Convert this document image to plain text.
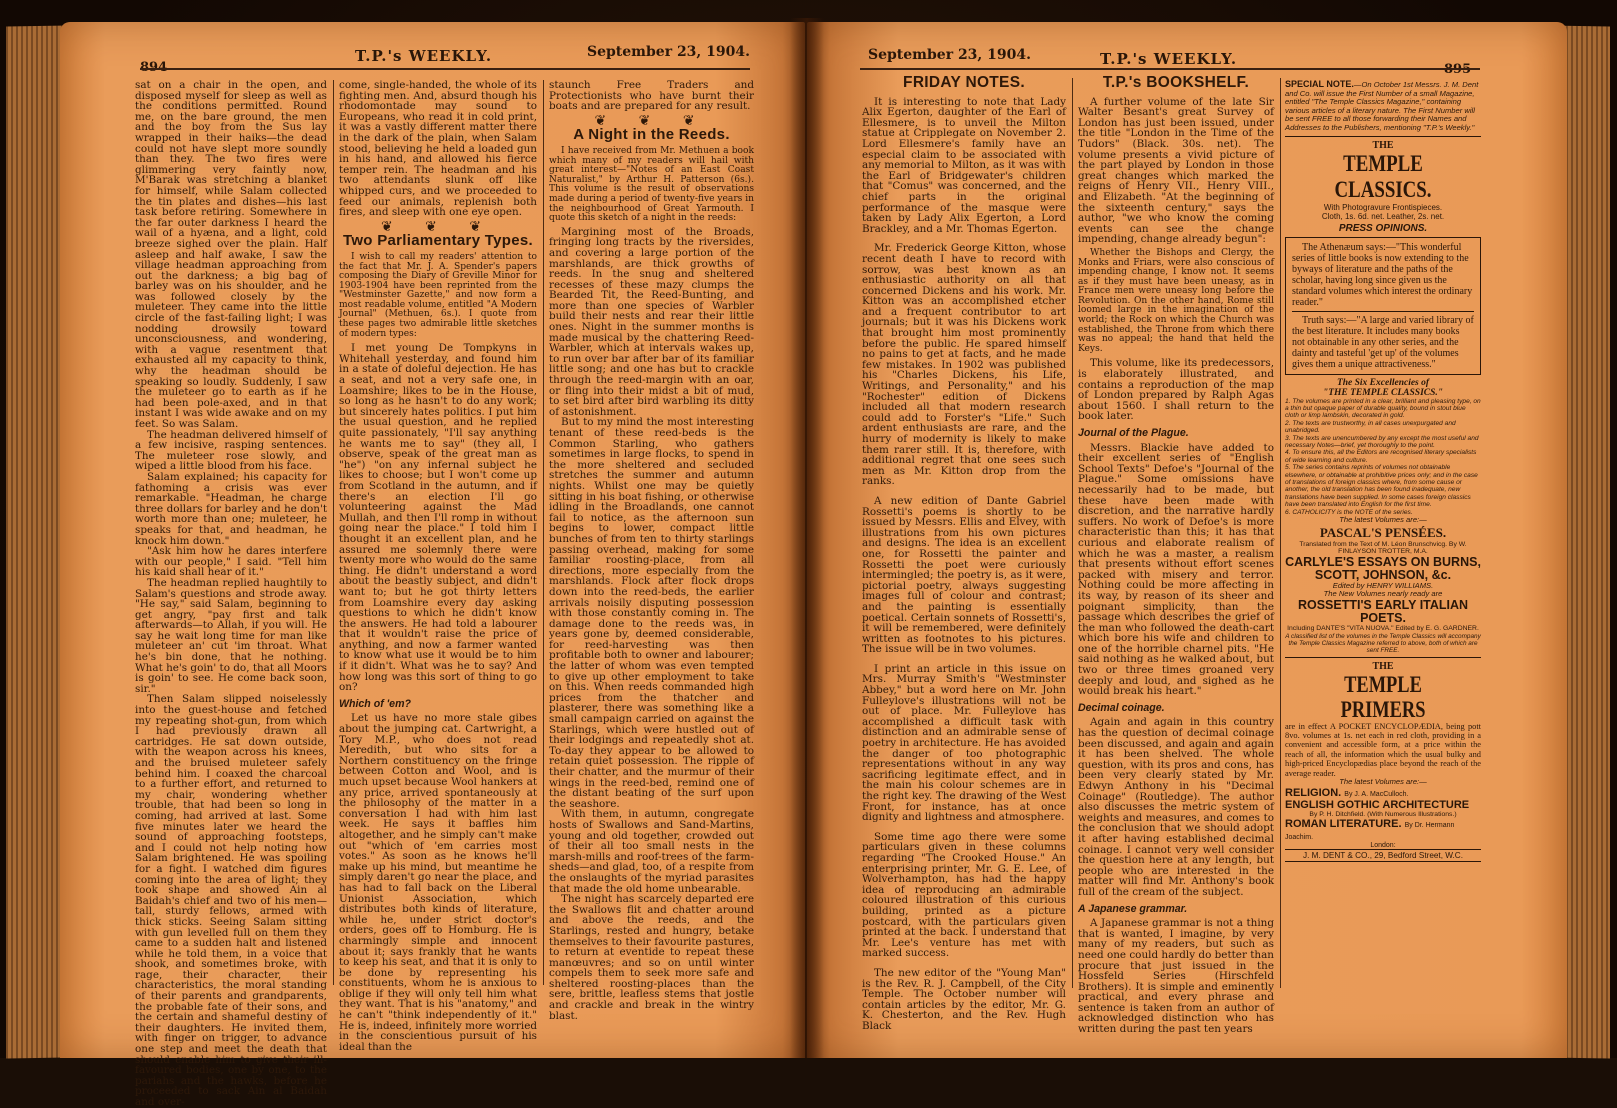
T.P.'s WEEKLY.	September 23, 1904.	September 23, 1904.	T.P.'s WEEKLY.

sat on a chair in the open, and disposed myself for sleep as well as the conditions permitted. Round me, on the bare ground, the men and the boy from the Sus lay wrapped in their haiks—the dead could not have slept more soundly than they. The two fires were glimmering very faintly now, M'Barak was stretching a blanket for himself, while Salam collected the tin plates and dishes—his last task before retiring. Somewhere in the far outer darkness I heard the wail of a hyæna, and a light, cold breeze sighed over the plain. Half asleep and half awake, I saw the village headman approaching from out the darkness; a big bag of barley was on his shoulder, and he was followed closely by the muleteer. They came into the little circle of the fast-failing light; I was nodding drowsily toward unconsciousness, and wondering, with a vague resentment that exhausted all my capacity to think, why the headman should be speaking so loudly. Suddenly, I saw the muleteer go to earth as if he had been pole-axed, and in that instant I was wide awake and on my feet. So was Salam.

The headman delivered himself of a few incisive, rasping sentences. The muleteer rose slowly, and wiped a little blood from his face.

Salam explained; his capacity for fathoming a crisis was ever remarkable. "Headman, he charge three dollars for barley and he don't worth more than one; muleteer, he speaks for that, and headman, he knock him down."

"Ask him how he dares interfere with our people," I said. "Tell him his kaid shall hear of it."

The headman replied haughtily to Salam's questions and strode away. "He say," said Salam, beginning to get angry, "pay first and talk afterwards—to Allah, if you will. He say he wait long time for man like muleteer an' cut 'im throat. What he's bin done, that he nothing. What he's goin' to do, that all Moors is goin' to see. He come back soon, sir."

Then Salam slipped noiselessly into the guest-house and fetched my repeating shot-gun, from which I had previously drawn all cartridges. He sat down outside, with the weapon across his knees, and the bruised muleteer safely behind him. I coaxed the charcoal to a further effort, and returned to my chair, wondering whether trouble, that had been so long in coming, had arrived at last. Some five minutes later we heard the sound of approaching footsteps, and I could not help noting how Salam brightened. He was spoiling for a fight. I watched dim figures coming into the area of light; they took shape and showed Ain al Baidah's chief and two of his men—tall, sturdy fellows, armed with thick sticks. Seeing Salam sitting with gun levelled full on them they came to a sudden halt and listened while he told them, in a voice that shook, and sometimes broke, with rage, their character, their characteristics, the moral standing of their parents and grandparents, the probable fate of their sons, and the certain and shameful destiny of their daughters. He invited them, with finger on trigger, to advance one step and meet the death that should enable him to give their ill-favoured bodies, one by one, to the pariahs and the hawks, before he proceeded to sack Ain al Baidah and over-

come, single-handed, the whole of its fighting men. And, absurd though his rhodomontade may sound to Europeans, who read it in cold print, it was a vastly different matter there in the dark of the plain, when Salam stood, believing he held a loaded gun in his hand, and allowed his fierce temper rein. The headman and his two attendants slunk off like whipped curs, and we proceeded to feed our animals, replenish both fires, and sleep with one eye open.

❦ ❦ ❦
Two Parliamentary Types.

I wish to call my readers' attention to the fact that Mr. J. A. Spender's papers composing the Diary of Greville Minor for 1903-1904 have been reprinted from the "Westminster Gazette," and now form a most readable volume, entitled "A Modern Journal" (Methuen, 6s.). I quote from these pages two admirable little sketches of modern types:

I met young De Tompkyns in Whitehall yesterday, and found him in a state of doleful dejection. He has a seat, and not a very safe one, in Loamshire; likes to be in the House, so long as he hasn't to do any work; but sincerely hates politics. I put him the usual question, and he replied quite passionately, "I'll say anything he wants me to say" (they all, I observe, speak of the great man as "he") "on any infernal subject he likes to choose; but I won't come up from Scotland in the autumn, and if there's an election I'll go volunteering against the Mad Mullah, and then I'll romp in without going near the place." I told him I thought it an excellent plan, and he assured me solemnly there were twenty more who would do the same thing. He didn't understand a word about the beastly subject, and didn't want to; but he got thirty letters from Loamshire every day asking questions to which he didn't know the answers. He had told a labourer that it wouldn't raise the price of anything, and now a farmer wanted to know what use it would be to him if it didn't. What was he to say? And how long was this sort of thing to go on?

Which of 'em?

Let us have no more stale gibes about the jumping cat. Cartwright, a Tory M.P., who does not read Meredith, but who sits for a Northern constituency on the fringe between Cotton and Wool, and is much upset because Wool hankers at any price, arrived spontaneously at the philosophy of the matter in a conversation I had with him last week. He says it baffles him altogether, and he simply can't make out "which of 'em carries most votes." As soon as he knows he'll make up his mind, but meantime he simply daren't go near the place, and has had to fall back on the Liberal Unionist Association, which distributes both kinds of literature, while he, under strict doctor's orders, goes off to Homburg. He is charmingly simple and innocent about it; says frankly that he wants to keep his seat, and that it is only to be done by representing his constituents, whom he is anxious to oblige if they will only tell him what they want. That is his "anatomy," and he can't "think independently of it." He is, indeed, infinitely more worried in the conscientious pursuit of his ideal than the

staunch Free Traders and Protectionists who have burnt their boats and are prepared for any result.

❦ ❦ ❦
A Night in the Reeds.

I have received from Mr. Methuen a book which many of my readers will hail with great interest—"Notes of an East Coast Naturalist," by Arthur H. Patterson (6s.). This volume is the result of observations made during a period of twenty-five years in the neighbourhood of Great Yarmouth. I quote this sketch of a night in the reeds:

Margining most of the Broads, fringing long tracts by the riversides, and covering a large portion of the marshlands, are thick growths of reeds. In the snug and sheltered recesses of these mazy clumps the Bearded Tit, the Reed-Bunting, and more than one species of Warbler build their nests and rear their little ones. Night in the summer months is made musical by the chattering Reed-Warbler, which at intervals wakes up, to run over bar after bar of its familiar little song; and one has but to crackle through the reed-margin with an oar, or fling into their midst a bit of mud, to set bird after bird warbling its ditty of astonishment.

But to my mind the most interesting tenant of these reed-beds is the Common Starling, who gathers sometimes in large flocks, to spend in the more sheltered and secluded stretches the summer and autumn nights. Whilst one may be quietly sitting in his boat fishing, or otherwise idling in the Broadlands, one cannot fail to notice, as the afternoon sun begins to lower, compact little bunches of from ten to thirty starlings passing overhead, making for some familiar roosting-place, from all directions, more especially from the marshlands. Flock after flock drops down into the reed-beds, the earlier arrivals noisily disputing possession with those constantly coming in. The damage done to the reeds was, in years gone by, deemed considerable, for reed-harvesting was then profitable both to owner and labourer; the latter of whom was even tempted to give up other employment to take on this. When reeds commanded high prices from the thatcher and plasterer, there was something like a small campaign carried on against the Starlings, which were hustled out of their lodgings and repeatedly shot at. To-day they appear to be allowed to retain quiet possession. The ripple of their chatter, and the murmur of their wings in the reed-bed, remind one of the distant beating of the surf upon the seashore.

With them, in autumn, congregate hosts of Swallows and Sand-Martins, young and old together, crowded out of their all too small nests in the marsh-mills and roof-trees of the farm-sheds—and glad, too, of a respite from the onslaughts of the myriad parasites that made the old home unbearable.

The night has scarcely departed ere the Swallows flit and chatter around and above the reeds, and the Starlings, rested and hungry, betake themselves to their favourite pastures, to return at eventide to repeat these manœuvres; and so on until winter compels them to seek more safe and sheltered roosting-places than the sere, brittle, leafless stems that jostle and crackle and break in the wintry blast.

FRIDAY NOTES.

It is interesting to note that Lady Alix Egerton, daughter of the Earl of Ellesmere, is to unveil the Milton statue at Cripplegate on November 2. Lord Ellesmere's family have an especial claim to be associated with any memorial to Milton, as it was with the Earl of Bridgewater's children that "Comus" was concerned, and the chief parts in the original performance of the masque were taken by Lady Alix Egerton, a Lord Brackley, and a Mr. Thomas Egerton.

Mr. Frederick George Kitton, whose recent death I have to record with sorrow, was best known as an enthusiastic authority on all that concerned Dickens and his work. Mr. Kitton was an accomplished etcher and a frequent contributor to art journals; but it was his Dickens work that brought him most prominently before the public. He spared himself no pains to get at facts, and he made few mistakes. In 1902 was published his "Charles Dickens, his Life, Writings, and Personality," and his "Rochester" edition of Dickens included all that modern research could add to Forster's "Life." Such ardent enthusiasts are rare, and the hurry of modernity is likely to make them rarer still. It is, therefore, with additional regret that one sees such men as Mr. Kitton drop from the ranks.

A new edition of Dante Gabriel Rossetti's poems is shortly to be issued by Messrs. Ellis and Elvey, with illustrations from his own pictures and designs. The idea is an excellent one, for Rossetti the painter and Rossetti the poet were curiously intermingled; the poetry is, as it were, pictorial poetry, always suggesting images full of colour and contrast; and the painting is essentially poetical. Certain sonnets of Rossetti's, it will be remembered, were definitely written as footnotes to his pictures. The issue will be in two volumes.

I print an article in this issue on Mrs. Murray Smith's "Westminster Abbey," but a word here on Mr. John Fulleylove's illustrations will not be out of place. Mr. Fulleylove has accomplished a difficult task with distinction and an admirable sense of poetry in architecture. He has avoided the danger of too photographic representations without in any way sacrificing legitimate effect, and in the main his colour schemes are in the right key. The drawing of the West Front, for instance, has at once dignity and lightness and atmosphere.

Some time ago there were some particulars given in these columns regarding "The Crooked House." An enterprising printer, Mr. G. E. Lee, of Wolverhampton, has had the happy idea of reproducing an admirable coloured illustration of this curious building, printed as a picture postcard, with the particulars given printed at the back. I understand that Mr. Lee's venture has met with marked success.

The new editor of the "Young Man" is the Rev. R. J. Campbell, of the City Temple. The October number will contain articles by the editor, Mr. G. K. Chesterton, and the Rev. Hugh Black

T.P.'s BOOKSHELF.

A further volume of the late Sir Walter Besant's great Survey of London has just been issued, under the title "London in the Time of the Tudors" (Black. 30s. net). The volume presents a vivid picture of the part played by London in those great changes which marked the reigns of Henry VII., Henry VIII., and Elizabeth. "At the beginning of the sixteenth century," says the author, "we who know the coming events can see the change impending, change already begun":

Whether the Bishops and Clergy, the Monks and Friars, were also conscious of impending change, I know not. It seems as if they must have been uneasy, as in France men were uneasy long before the Revolution. On the other hand, Rome still loomed large in the imagination of the world; the Rock on which the Church was established, the Throne from which there was no appeal; the hand that held the Keys.

This volume, like its predecessors, is elaborately illustrated, and contains a reproduction of the map of London prepared by Ralph Agas about 1560. I shall return to the book later.

Journal of the Plague.

Messrs. Blackie have added to their excellent series of "English School Texts" Defoe's "Journal of the Plague." Some omissions have necessarily had to be made, but these have been made with discretion, and the narrative hardly suffers. No work of Defoe's is more characteristic than this; it has that curious and elaborate realism of which he was a master, a realism that presents without effort scenes packed with misery and terror. Nothing could be more affecting in its way, by reason of its sheer and poignant simplicity, than the passage which describes the grief of the man who followed the death-cart which bore his wife and children to one of the horrible charnel pits. "He said nothing as he walked about, but two or three times groaned very deeply and loud, and sighed as he would break his heart."

Decimal coinage.

Again and again in this country has the question of decimal coinage been discussed, and again and again it has been shelved. The whole question, with its pros and cons, has been very clearly stated by Mr. Edwyn Anthony in his "Decimal Coinage" (Routledge). The author also discusses the metric system of weights and measures, and comes to the conclusion that we should adopt it after having established decimal coinage. I cannot very well consider the question here at any length, but people who are interested in the matter will find Mr. Anthony's book full of the cream of the subject.

A Japanese grammar.

A Japanese grammar is not a thing that is wanted, I imagine, by very many of my readers, but such as need one could hardly do better than procure that just issued in the Hossfeld Series (Hirschfeld Brothers). It is simple and eminently practical, and every phrase and sentence is taken from an author of acknowledged distinction who has written during the past ten years

SPECIAL NOTE.—On October 1st Messrs. J. M. Dent and Co. will issue the First Number of a small Magazine, entitled "The Temple Classics Magazine," containing various articles of a literary nature. The First Number will be sent FREE to all those forwarding their Names and Addresses to the Publishers, mentioning "T.P.'s Weekly."
THE
TEMPLE CLASSICS.
With Photogravure Frontispieces.
Cloth, 1s. 6d. net. Leather, 2s. net.
PRESS OPINIONS.
The Athenæum says:—"This wonderful series of little books is now extending to the byways of literature and the paths of the scholar, having long since given us the standard volumes which interest the ordinary reader."
Truth says:—"A large and varied library of the best literature. It includes many books not obtainable in any other series, and the dainty and tasteful 'get up' of the volumes gives them a unique attractiveness."
The Six Excellencies of
"THE TEMPLE CLASSICS."
1. The volumes are printed in a clear, brilliant and pleasing type, on a thin but opaque paper of durable quality, bound in stout blue cloth or limp lambskin, decorated in gold.
2. The texts are trustworthy, in all cases unexpurgated and unabridged.
3. The texts are unencumbered by any except the most useful and necessary Notes—brief, yet thoroughly to the point.
4. To ensure this, all the Editors are recognised literary specialists of wide learning and culture.
5. The series contains reprints of volumes not obtainable elsewhere, or obtainable at prohibitive prices only; and in the case of translations of foreign classics where, from some cause or another, the old translation has been found inadequate, new translations have been supplied. In some cases foreign classics have been translated into English for the first time.
6. CATHOLICITY is the NOTE of the series.
The latest Volumes are:—
PASCAL'S PENSÉES.
Translated from the Text of M. Léon Brunschvicg. By W. FINLAYSON TROTTER, M.A.
CARLYLE'S ESSAYS ON BURNS, SCOTT, JOHNSON, &c.
Edited by HENRY WILLIAMS.
The New Volumes nearly ready are
ROSSETTI'S EARLY ITALIAN POETS.
Including DANTE'S "VITA NUOVA." Edited by E. G. GARDNER.
A classified list of the volumes in the Temple Classics will accompany the Temple Classics Magazine referred to above, both of which are sent FREE.
THE
TEMPLE PRIMERS
are in effect A POCKET ENCYCLOPÆDIA, being pott 8vo. volumes at 1s. net each in red cloth, providing in a convenient and accessible form, at a price within the reach of all, the information which the usual bulky and high-priced Encyclopædias place beyond the reach of the average reader.
The latest Volumes are:—
RELIGION. By J. A. MacCulloch.
ENGLISH GOTHIC ARCHITECTURE
By P. H. Ditchfield. (With Numerous Illustrations.)
ROMAN LITERATURE. By Dr. Hermann Joachim.
London:
J. M. DENT & CO., 29, Bedford Street, W.C.
